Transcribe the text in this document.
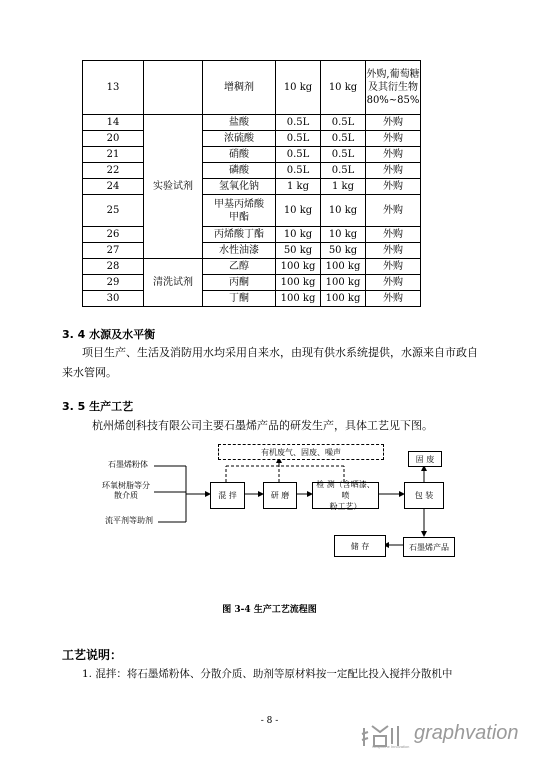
13		增稠剂	10 kg	10 kg	外购,葡萄糖
及其衍生物
80%~85%

14	实验试剂	盐酸	0.5L	0.5L	外购
20		浓硫酸	0.5L	0.5L	外购
21		硝酸	0.5L	0.5L	外购
22		磷酸	0.5L	0.5L	外购
24		氢氧化钠	1 kg	1 kg	外购
25		甲基丙烯酸
甲酯	10 kg	10 kg	外购
26		丙烯酸丁酯	10 kg	10 kg	外购
27		水性油漆	50 kg	50 kg	外购
28	清洗试剂	乙醇	100 kg	100 kg	外购
29		丙酮	100 kg	100 kg	外购
30		丁酮	100 kg	100 kg	外购
3. 4 水源及水平衡
项目生产、生活及消防用水均采用自来水，由现有供水系统提供，水源来自市政自
来水管网。
3. 5 生产工艺
杭州烯创科技有限公司主要石墨烯产品的研发生产，具体工艺见下图。
石墨烯粉体
环氧树脂等分
散介质
流平剂等助剂
有机废气、固废、噪声
固 废
混 拌	研 磨
检 测（含晒漆、喷
粉工艺）
包 装
储 存	石墨烯产品
图 3-4 生产工艺流程图
工艺说明：
1. 混拌：将石墨烯粉体、分散介质、助剂等原材料按一定配比投入搅拌分散机中
- 8 -
Graphene Innovation
graphvation
